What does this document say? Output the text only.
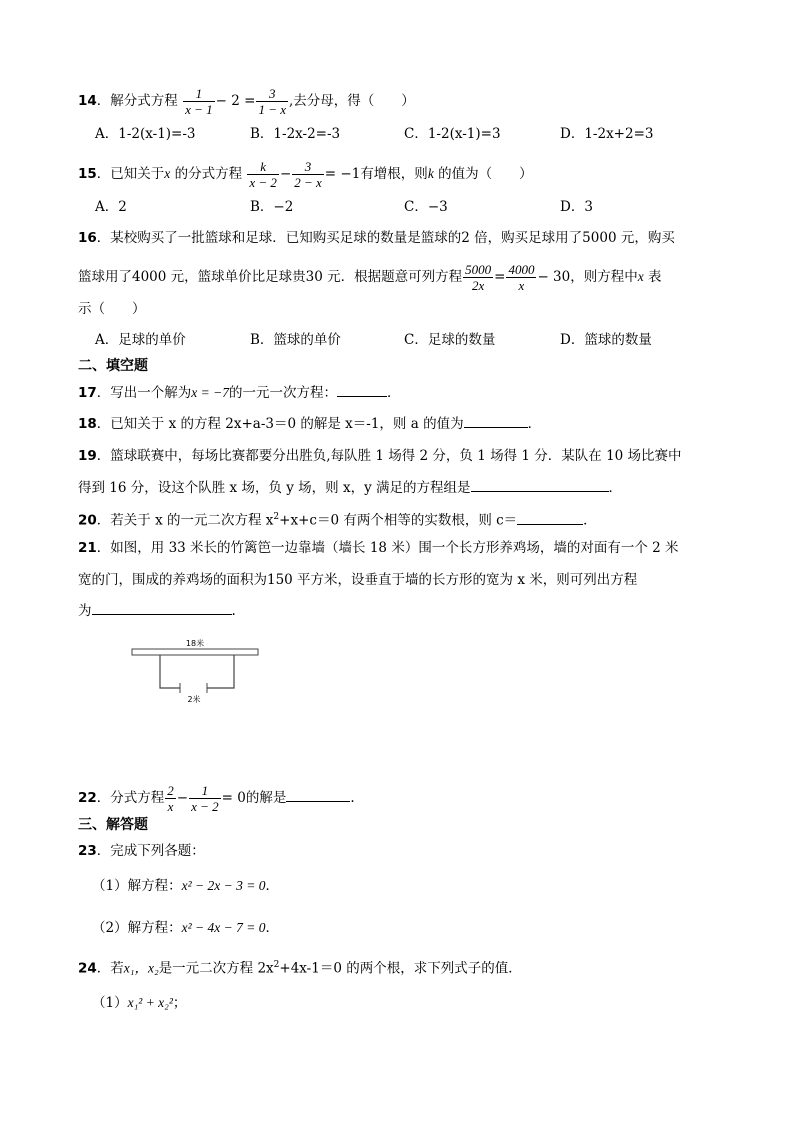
14．解分式方程 $\frac{1}{x - 1} - 2 = \frac{3}{1 - x}$ ,去分母，得（　　）
A．1-2(x-1)=-3	B．1-2x-2=-3	C．1-2(x-1)=3	D．1-2x+2=3
15．已知关于x 的分式方程 $\frac{k}{x - 2} - \frac{3}{2 - x} = -1$有增根，则k 的值为（　　）
A．2	B．−2	C．−3	D．3
16．某校购买了一批篮球和足球．已知购买足球的数量是篮球的2 倍，购买足球用了5000 元，购买
篮球用了4000 元，篮球单价比足球贵30 元．根据题意可列方程 $\frac{5000}{2x} = \frac{4000}{x} - 30$，则方程中x 表
示（　　）
A．足球的单价	B．篮球的单价	C．足球的数量	D．篮球的数量
二、填空题
17．写出一个解为x = −7的一元一次方程：	．
18．已知关于 x 的方程 2x+a-3＝0 的解是 x＝-1，则 a 的值为	．
19．篮球联赛中，每场比赛都要分出胜负,每队胜 1 场得 2 分，负 1 场得 1 分．某队在 10 场比赛中
得到 16 分，设这个队胜 x 场，负 y 场，则 x，y 满足的方程组是	．
20．若关于 x 的一元二次方程 $x^2+x+c=0$ 有两个相等的实数根，则 c＝	．
21．如图，用 33 米长的竹篱笆一边靠墙（墙长 18 米）围一个长方形养鸡场，墙的对面有一个 2 米
宽的门，围成的养鸡场的面积为150 平方米，设垂直于墙的长方形的宽为 x 米，则可列出方程
为	.
18米
2米
22．分式方程 $\frac{2}{x} - \frac{1}{x - 2} = 0$的解是	.
三、解答题
23．完成下列各题：
（1）解方程：x² − 2x − 3 = 0．
（2）解方程：x² − 4x − 7 = 0．
24．若x₁，x₂是一元二次方程 $2x^2+4x-1=0$ 的两个根，求下列式子的值．
（1）x₁² + x₂²；
